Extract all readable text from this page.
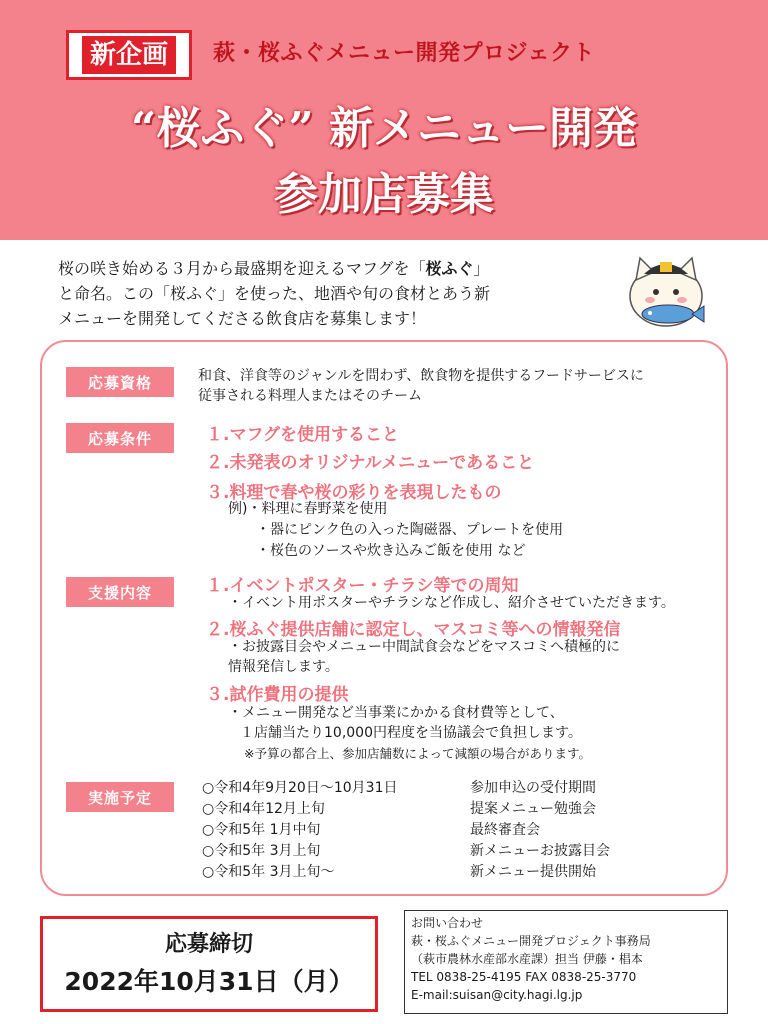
新企画	萩・桜ふぐメニュー開発プロジェクト
“桜ふぐ” 新メニュー開発
参加店募集
桜の咲き始める３月から最盛期を迎えるマフグを「桜ふぐ」
と命名。この「桜ふぐ」を使った、地酒や旬の食材とあう新
メニューを開発してくださる飲食店を募集します！
応募資格	和食、洋食等のジャンルを問わず、飲食物を提供するフードサービスに
従事される料理人またはそのチーム
応募条件	１.マフグを使用すること
２.未発表のオリジナルメニューであること
３.料理で春や桜の彩りを表現したもの
例)・料理に春野菜を使用
・器にピンク色の入った陶磁器、プレートを使用
・桜色のソースや炊き込みご飯を使用 など
支援内容	１.イベントポスター・チラシ等での周知
・イベント用ポスターやチラシなど作成し、紹介させていただきます。
２.桜ふぐ提供店舗に認定し、マスコミ等への情報発信
・お披露目会やメニュー中間試食会などをマスコミへ積極的に
情報発信します。
３.試作費用の提供
・メニュー開発など当事業にかかる食材費等として、
１店舗当たり10,000円程度を当協議会で負担します。
※予算の都合上、参加店舗数によって減額の場合があります。
実施予定
○令和4年9月20日～10月31日	参加申込の受付期間
○令和4年12月上旬	提案メニュー勉強会
○令和5年 1月中旬	最終審査会
○令和5年 3月上旬	新メニューお披露目会
○令和5年 3月上旬～	新メニュー提供開始
応募締切
2022年10月31日（月）
お問い合わせ
萩・桜ふぐメニュー開発プロジェクト事務局
（萩市農林水産部水産課）担当 伊藤・椙本
TEL 0838-25-4195 FAX 0838-25-3770
E-mail:suisan@city.hagi.lg.jp
